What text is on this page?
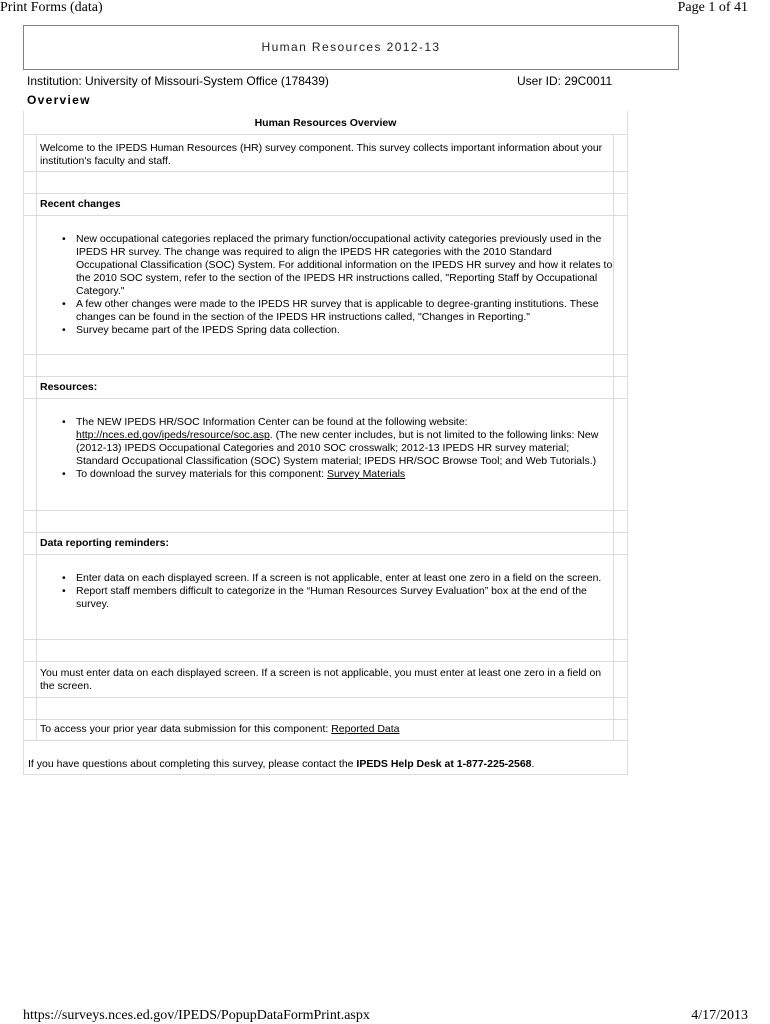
Print Forms (data)	Page 1 of 41
Human Resources 2012-13
Institution: University of Missouri-System Office (178439)	User ID: 29C0011
Overview
Human Resources Overview
Welcome to the IPEDS Human Resources (HR) survey component. This survey collects important information about your institution's faculty and staff.
Recent changes
• New occupational categories replaced the primary function/occupational activity categories previously used in the IPEDS HR survey. The change was required to align the IPEDS HR categories with the 2010 Standard Occupational Classification (SOC) System. For additional information on the IPEDS HR survey and how it relates to the 2010 SOC system, refer to the section of the IPEDS HR instructions called, "Reporting Staff by Occupational Category."
• A few other changes were made to the IPEDS HR survey that is applicable to degree-granting institutions. These changes can be found in the section of the IPEDS HR instructions called, "Changes in Reporting."
• Survey became part of the IPEDS Spring data collection.
Resources:
• The NEW IPEDS HR/SOC Information Center can be found at the following website: http://nces.ed.gov/ipeds/resource/soc.asp. (The new center includes, but is not limited to the following links: New (2012-13) IPEDS Occupational Categories and 2010 SOC crosswalk; 2012-13 IPEDS HR survey material; Standard Occupational Classification (SOC) System material; IPEDS HR/SOC Browse Tool; and Web Tutorials.)
• To download the survey materials for this component: Survey Materials
Data reporting reminders:
• Enter data on each displayed screen. If a screen is not applicable, enter at least one zero in a field on the screen.
• Report staff members difficult to categorize in the “Human Resources Survey Evaluation” box at the end of the survey.
You must enter data on each displayed screen. If a screen is not applicable, you must enter at least one zero in a field on the screen.
To access your prior year data submission for this component: Reported Data
If you have questions about completing this survey, please contact the IPEDS Help Desk at 1-877-225-2568.
https://surveys.nces.ed.gov/IPEDS/PopupDataFormPrint.aspx	4/17/2013
